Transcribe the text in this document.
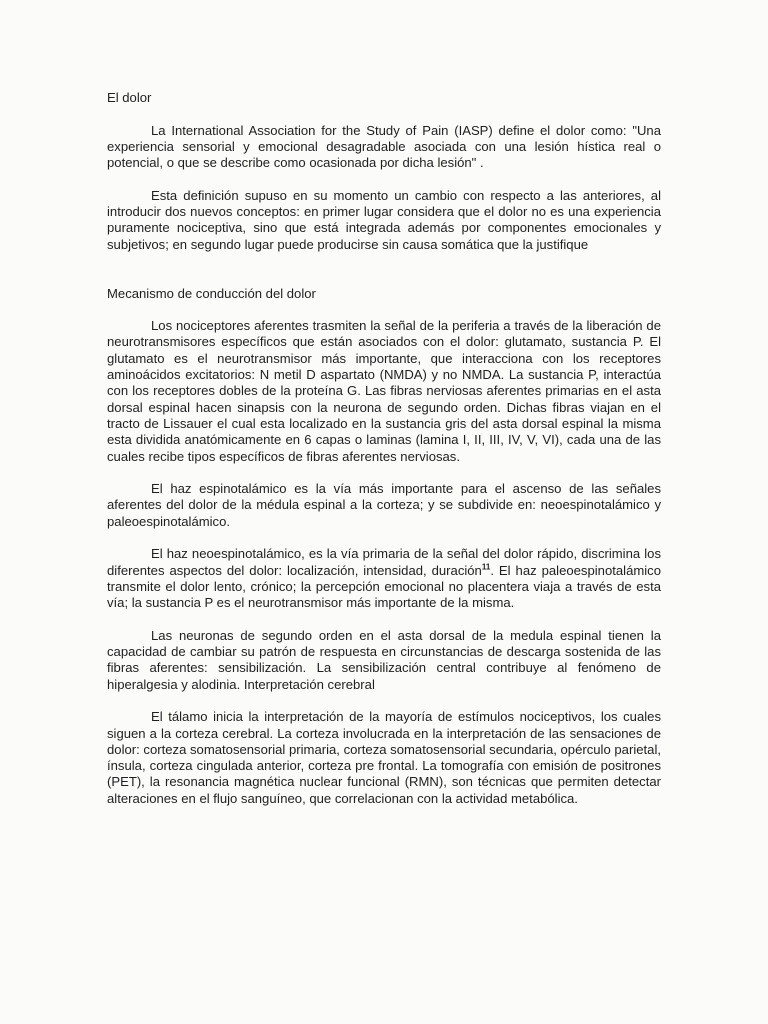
El dolor

La International Association for the Study of Pain (IASP) define el dolor como: "Una experiencia sensorial y emocional desagradable asociada con una lesión hística real o potencial, o que se describe como ocasionada por dicha lesión" .

Esta definición supuso en su momento un cambio con respecto a las anteriores, al introducir dos nuevos conceptos: en primer lugar considera que el dolor no es una experiencia puramente nociceptiva, sino que está integrada además por componentes emocionales y subjetivos; en segundo lugar puede producirse sin causa somática que la justifique

Mecanismo de conducción del dolor

Los nociceptores aferentes trasmiten la señal de la periferia a través de la liberación de neurotransmisores específicos que están asociados con el dolor: glutamato, sustancia P. El glutamato es el neurotransmisor más importante, que interacciona con los receptores aminoácidos excitatorios: N metil D aspartato (NMDA) y no NMDA. La sustancia P, interactúa con los receptores dobles de la proteína G. Las fibras nerviosas aferentes primarias en el asta dorsal espinal hacen sinapsis con la neurona de segundo orden. Dichas fibras viajan en el tracto de Lissauer el cual esta localizado en la sustancia gris del asta dorsal espinal la misma esta dividida anatómicamente en 6 capas o laminas (lamina I, II, III, IV, V, VI), cada una de las cuales recibe tipos específicos de fibras aferentes nerviosas.

El haz espinotalámico es la vía más importante para el ascenso de las señales aferentes del dolor de la médula espinal a la corteza; y se subdivide en: neoespinotalámico y paleoespinotalámico.

El haz neoespinotalámico, es la vía primaria de la señal del dolor rápido, discrimina los diferentes aspectos del dolor: localización, intensidad, duración$^{11}$. El haz paleoespinotalámico transmite el dolor lento, crónico; la percepción emocional no placentera viaja a través de esta vía; la sustancia P es el neurotransmisor más importante de la misma.

Las neuronas de segundo orden en el asta dorsal de la medula espinal tienen la capacidad de cambiar su patrón de respuesta en circunstancias de descarga sostenida de las fibras aferentes: sensibilización. La sensibilización central contribuye al fenómeno de hiperalgesia y alodinia. Interpretación cerebral

El tálamo inicia la interpretación de la mayoría de estímulos nociceptivos, los cuales siguen a la corteza cerebral. La corteza involucrada en la interpretación de las sensaciones de dolor: corteza somatosensorial primaria, corteza somatosensorial secundaria, opérculo parietal, ínsula, corteza cingulada anterior, corteza pre frontal. La tomografía con emisión de positrones (PET), la resonancia magnética nuclear funcional (RMN), son técnicas que permiten detectar alteraciones en el flujo sanguíneo, que correlacionan con la actividad metabólica.
